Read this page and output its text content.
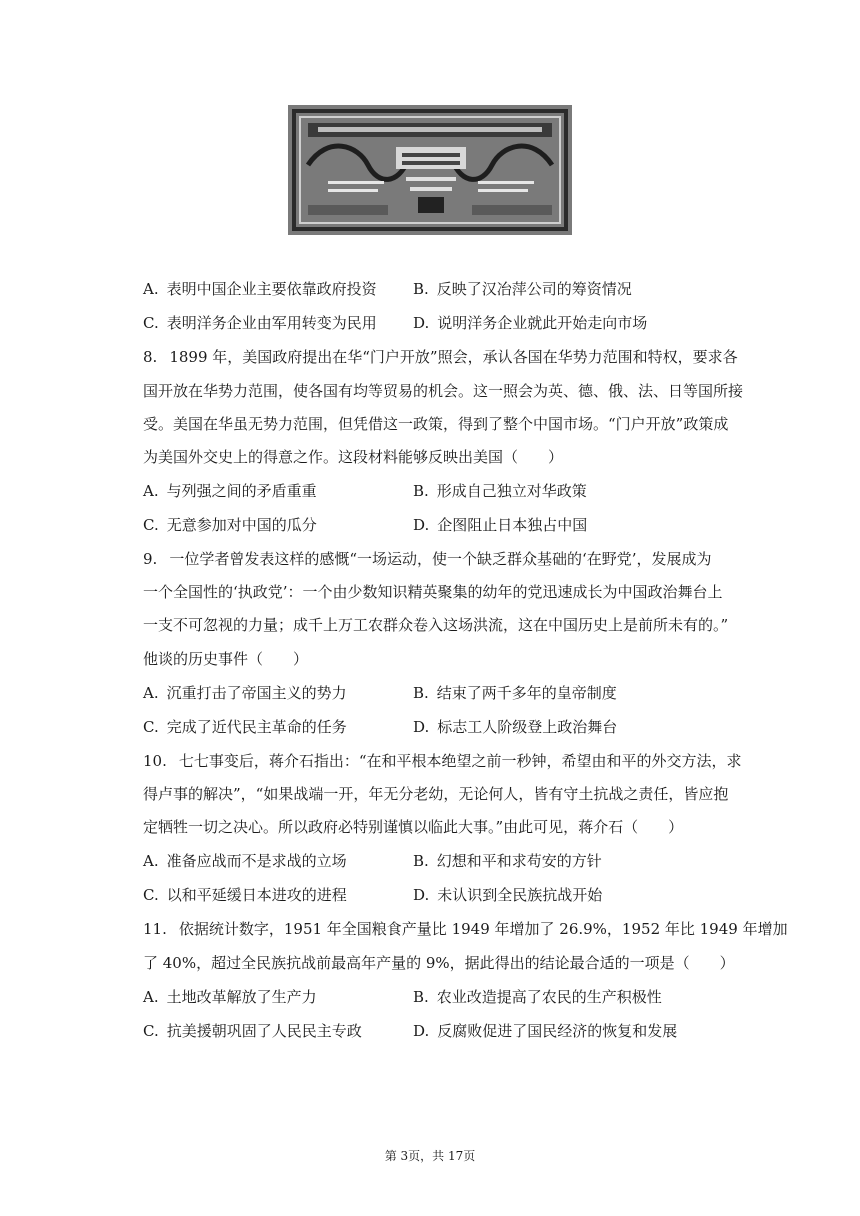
A. 表明中国企业主要依靠政府投资 B. 反映了汉冶萍公司的筹资情况
C. 表明洋务企业由军用转变为民用 D. 说明洋务企业就此开始走向市场
8. 1899 年，美国政府提出在华“门户开放”照会，承认各国在华势力范围和特权，要求各
国开放在华势力范围，使各国有均等贸易的机会。这一照会为英、德、俄、法、日等国所接
受。美国在华虽无势力范围，但凭借这一政策，得到了整个中国市场。“门户开放”政策成
为美国外交史上的得意之作。这段材料能够反映出美国（　　）
A. 与列强之间的矛盾重重	B. 形成自己独立对华政策
C. 无意参加对中国的瓜分	D. 企图阻止日本独占中国
9. 一位学者曾发表这样的感慨“一场运动，使一个缺乏群众基础的‘在野党’，发展成为
一个全国性的‘执政党’：一个由少数知识精英聚集的幼年的党迅速成长为中国政治舞台上
一支不可忽视的力量；成千上万工农群众卷入这场洪流，这在中国历史上是前所未有的。”
他谈的历史事件（　　）
A. 沉重打击了帝国主义的势力	B. 结束了两千多年的皇帝制度
C. 完成了近代民主革命的任务	D. 标志工人阶级登上政治舞台
10. 七七事变后，蒋介石指出：“在和平根本绝望之前一秒钟，希望由和平的外交方法，求
得卢事的解决”，“如果战端一开，年无分老幼，无论何人，皆有守土抗战之责任，皆应抱
定牺牲一切之决心。所以政府必特别谨慎以临此大事。”由此可见，蒋介石（　　）
A. 准备应战而不是求战的立场	B. 幻想和平和求苟安的方针
C. 以和平延缓日本进攻的进程	D. 未认识到全民族抗战开始
11. 依据统计数字，1951 年全国粮食产量比 1949 年增加了 26.9%，1952 年比 1949 年增加
了 40%，超过全民族抗战前最高年产量的 9%，据此得出的结论最合适的一项是（　　）
A. 土地改革解放了生产力	B. 农业改造提高了农民的生产积极性
C. 抗美援朝巩固了人民民主专政	D. 反腐败促进了国民经济的恢复和发展
第 3页，共 17页
